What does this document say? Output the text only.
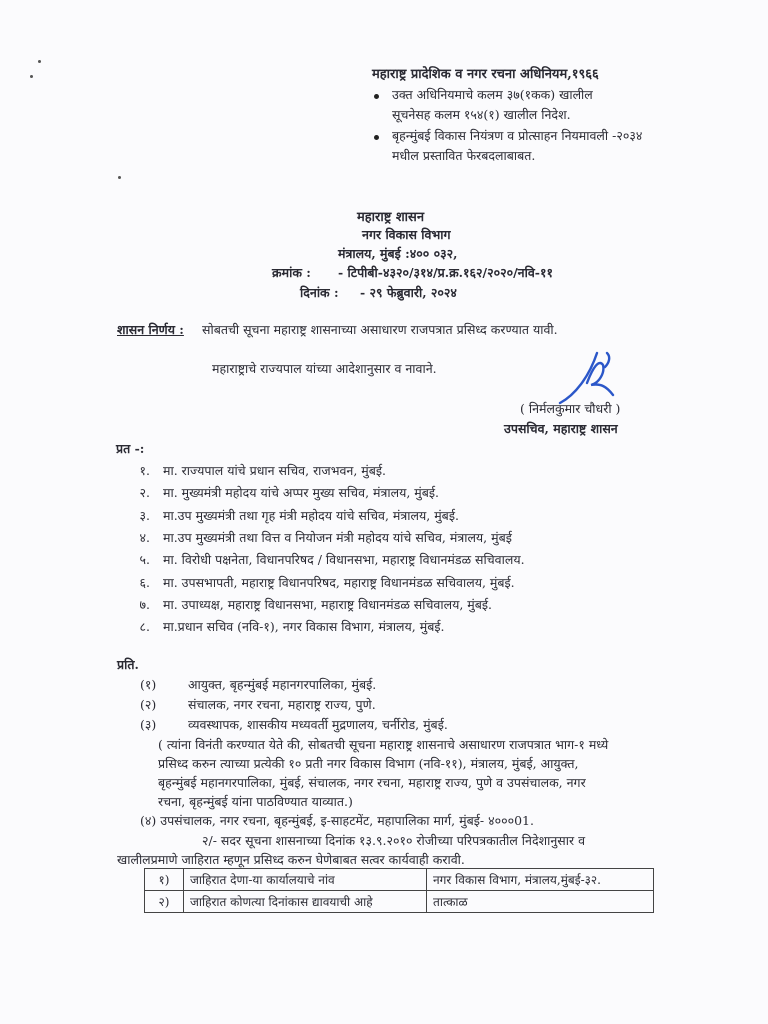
महाराष्ट्र प्रादेशिक व नगर रचना अधिनियम,१९६६
उक्त अधिनियमाचे कलम ३७(१कक) खालील
सूचनेसह कलम १५४(१) खालील निदेश.
बृहन्मुंबई विकास नियंत्रण व प्रोत्साहन नियमावली -२०३४
मधील प्रस्तावित फेरबदलाबाबत.
महाराष्ट्र शासन
नगर विकास विभाग
मंत्रालय, मुंबई :४०० ०३२,
क्रमांक : - टिपीबी-४३२०/३१४/प्र.क्र.१६२/२०२०/नवि-११
दिनांक : - २९ फेब्रुवारी, २०२४
शासन निर्णय : सोबतची सूचना महाराष्ट्र शासनाच्या असाधारण राजपत्रात प्रसिध्द करण्यात यावी.
महाराष्ट्राचे राज्यपाल यांच्या आदेशानुसार व नावाने.
( निर्मलकुमार चौधरी )
उपसचिव, महाराष्ट्र शासन
प्रत -:
प्रति.
( त्यांना विनंती करण्यात येते की, सोबतची सूचना महाराष्ट्र शासनाचे असाधारण राजपत्रात भाग-१ मध्ये
प्रसिध्द करुन त्याच्या प्रत्येकी १० प्रती नगर विकास विभाग (नवि-११), मंत्रालय, मुंबई, आयुक्त,
बृहन्मुंबई महानगरपालिका, मुंबई, संचालक, नगर रचना, महाराष्ट्र राज्य, पुणे व उपसंचालक, नगर
रचना, बृहन्मुंबई यांना पाठविण्यात याव्यात.)
(४) उपसंचालक, नगर रचना, बृहन्मुंबई, इ-साहटमेंट, महापालिका मार्ग, मुंबई- ४०००01.
२/- सदर सूचना शासनाच्या दिनांक १३.९.२०१० रोजीच्या परिपत्रकातील निदेशानुसार व
खालीलप्रमाणे जाहिरात म्हणून प्रसिध्द करुन घेणेबाबत सत्वर कार्यवाही करावी.
१)	जाहिरात देणा-या कार्यालयाचे नांव	नगर विकास विभाग, मंत्रालय,मुंबई-३२.
२)	जाहिरात कोणत्या दिनांकास द्यावयाची आहे	तात्काळ
१. मा. राज्यपाल यांचे प्रधान सचिव, राजभवन, मुंबई.
२. मा. मुख्यमंत्री महोदय यांचे अप्पर मुख्य सचिव, मंत्रालय, मुंबई.
३. मा.उप मुख्यमंत्री तथा गृह मंत्री महोदय यांचे सचिव, मंत्रालय, मुंबई.
४. मा.उप मुख्यमंत्री तथा वित्त व नियोजन मंत्री महोदय यांचे सचिव, मंत्रालय, मुंबई
५. मा. विरोधी पक्षनेता, विधानपरिषद / विधानसभा, महाराष्ट्र विधानमंडळ सचिवालय.
६. मा. उपसभापती, महाराष्ट्र विधानपरिषद, महाराष्ट्र विधानमंडळ सचिवालय, मुंबई.
७. मा. उपाध्यक्ष, महाराष्ट्र विधानसभा, महाराष्ट्र विधानमंडळ सचिवालय, मुंबई.
८. मा.प्रधान सचिव (नवि-१), नगर विकास विभाग, मंत्रालय, मुंबई.
(१)	आयुक्त, बृहन्मुंबई महानगरपालिका, मुंबई.
(२)	संचालक, नगर रचना, महाराष्ट्र राज्य, पुणे.
(३)	व्यवस्थापक, शासकीय मध्यवर्ती मुद्रणालय, चर्नीरोड, मुंबई.
